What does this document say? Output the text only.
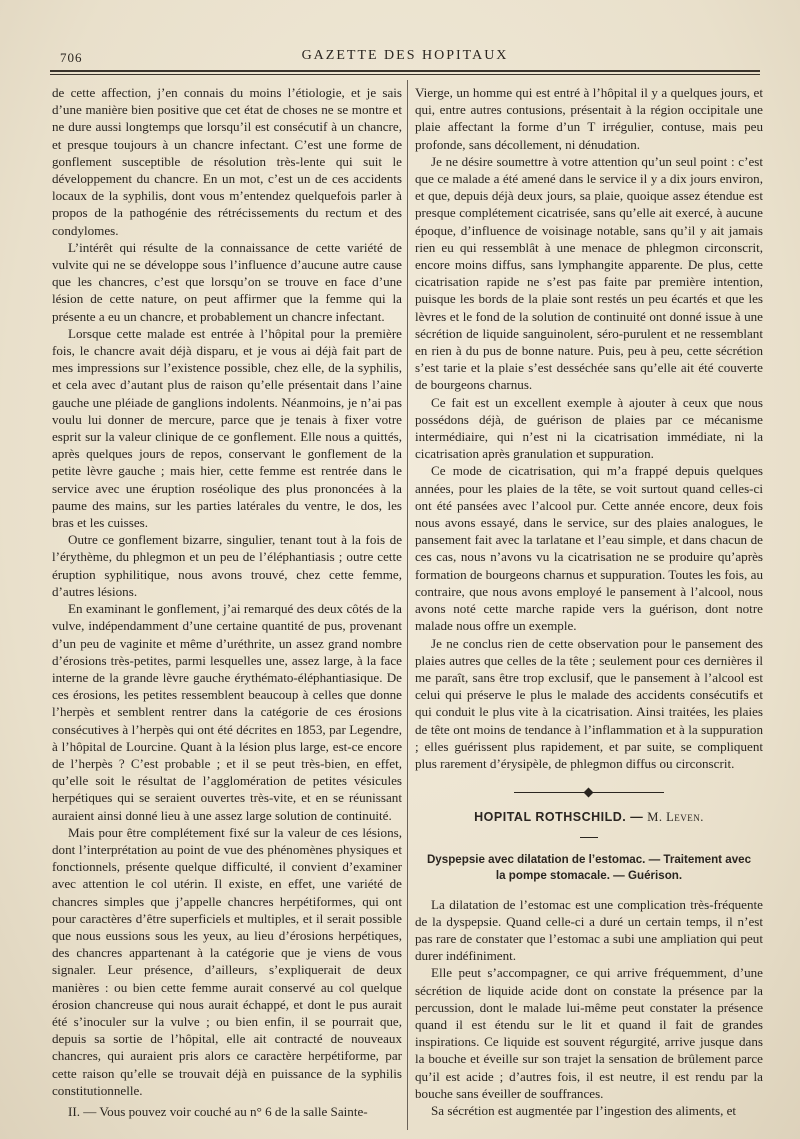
706	GAZETTE DES HOPITAUX

de cette affection, j’en connais du moins l’étiologie, et je sais d’une manière bien positive que cet état de choses ne se montre et ne dure aussi longtemps que lorsqu’il est consécutif à un chancre, et presque toujours à un chancre infectant. C’est une forme de gonflement susceptible de résolution très-lente qui suit le développement du chancre. En un mot, c’est un de ces accidents locaux de la syphilis, dont vous m’entendez quelquefois parler à propos de la pathogénie des rétrécissements du rectum et des condylomes.

L’intérêt qui résulte de la connaissance de cette variété de vulvite qui ne se développe sous l’influence d’aucune autre cause que les chancres, c’est que lorsqu’on se trouve en face d’une lésion de cette nature, on peut affirmer que la femme qui la présente a eu un chancre, et probablement un chancre infectant.

Lorsque cette malade est entrée à l’hôpital pour la première fois, le chancre avait déjà disparu, et je vous ai déjà fait part de mes impressions sur l’existence possible, chez elle, de la syphilis, et cela avec d’autant plus de raison qu’elle présentait dans l’aine gauche une pléiade de ganglions indolents. Néanmoins, je n’ai pas voulu lui donner de mercure, parce que je tenais à fixer votre esprit sur la valeur clinique de ce gonflement. Elle nous a quittés, après quelques jours de repos, conservant le gonflement de la petite lèvre gauche ; mais hier, cette femme est rentrée dans le service avec une éruption roséolique des plus prononcées à la paume des mains, sur les parties latérales du ventre, le dos, les bras et les cuisses.

Outre ce gonflement bizarre, singulier, tenant tout à la fois de l’érythème, du phlegmon et un peu de l’éléphantiasis ; outre cette éruption syphilitique, nous avons trouvé, chez cette femme, d’autres lésions.

En examinant le gonflement, j’ai remarqué des deux côtés de la vulve, indépendamment d’une certaine quantité de pus, provenant d’un peu de vaginite et même d’uréthrite, un assez grand nombre d’érosions très-petites, parmi lesquelles une, assez large, à la face interne de la grande lèvre gauche érythémato-éléphantiasique. De ces érosions, les petites ressemblent beaucoup à celles que donne l’herpès et semblent rentrer dans la catégorie de ces érosions consécutives à l’herpès qui ont été décrites en 1853, par Legendre, à l’hôpital de Lourcine. Quant à la lésion plus large, est-ce encore de l’herpès ? C’est probable ; et il se peut très-bien, en effet, qu’elle soit le résultat de l’agglomération de petites vésicules herpétiques qui se seraient ouvertes très-vite, et en se réunissant auraient ainsi donné lieu à une assez large solution de continuité.

Mais pour être complétement fixé sur la valeur de ces lésions, dont l’interprétation au point de vue des phénomènes physiques et fonctionnels, présente quelque difficulté, il convient d’examiner avec attention le col utérin. Il existe, en effet, une variété de chancres simples que j’appelle chancres herpétiformes, qui ont pour caractères d’être superficiels et multiples, et il serait possible que nous eussions sous les yeux, au lieu d’érosions herpétiques, des chancres appartenant à la catégorie que je viens de vous signaler. Leur présence, d’ailleurs, s’expliquerait de deux manières : ou bien cette femme aurait conservé au col quelque érosion chancreuse qui nous aurait échappé, et dont le pus aurait été s’inoculer sur la vulve ; ou bien enfin, il se pourrait que, depuis sa sortie de l’hôpital, elle ait contracté de nouveaux chancres, qui auraient pris alors ce caractère herpétiforme, par cette raison qu’elle se trouvait déjà en puissance de la syphilis constitutionnelle.

II. — Vous pouvez voir couché au n° 6 de la salle Sainte-

Vierge, un homme qui est entré à l’hôpital il y a quelques jours, et qui, entre autres contusions, présentait à la région occipitale une plaie affectant la forme d’un T irrégulier, contuse, mais peu profonde, sans décollement, ni dénudation.

Je ne désire soumettre à votre attention qu’un seul point : c’est que ce malade a été amené dans le service il y a dix jours environ, et que, depuis déjà deux jours, sa plaie, quoique assez étendue est presque complétement cicatrisée, sans qu’elle ait exercé, à aucune époque, d’influence de voisinage notable, sans qu’il y ait jamais rien eu qui ressemblât à une menace de phlegmon circonscrit, encore moins diffus, sans lymphangite apparente. De plus, cette cicatrisation rapide ne s’est pas faite par première intention, puisque les bords de la plaie sont restés un peu écartés et que les lèvres et le fond de la solution de continuité ont donné issue à une sécrétion de liquide sanguinolent, séro-purulent et ne ressemblant en rien à du pus de bonne nature. Puis, peu à peu, cette sécrétion s’est tarie et la plaie s’est desséchée sans qu’elle ait été couverte de bourgeons charnus.

Ce fait est un excellent exemple à ajouter à ceux que nous possédons déjà, de guérison de plaies par ce mécanisme intermédiaire, qui n’est ni la cicatrisation immédiate, ni la cicatrisation après granulation et suppuration.

Ce mode de cicatrisation, qui m’a frappé depuis quelques années, pour les plaies de la tête, se voit surtout quand celles-ci ont été pansées avec l’alcool pur. Cette année encore, deux fois nous avons essayé, dans le service, sur des plaies analogues, le pansement fait avec la tarlatane et l’eau simple, et dans chacun de ces cas, nous n’avons vu la cicatrisation ne se produire qu’après formation de bourgeons charnus et suppuration. Toutes les fois, au contraire, que nous avons employé le pansement à l’alcool, nous avons noté cette marche rapide vers la guérison, dont notre malade nous offre un exemple.

Je ne conclus rien de cette observation pour le pansement des plaies autres que celles de la tête ; seulement pour ces dernières il me paraît, sans être trop exclusif, que le pansement à l’alcool est celui qui préserve le plus le malade des accidents consécutifs et qui conduit le plus vite à la cicatrisation. Ainsi traitées, les plaies de tête ont moins de tendance à l’inflammation et à la suppuration ; elles guérissent plus rapidement, et par suite, se compliquent plus rarement d’érysipèle, de phlegmon diffus ou circonscrit.

HOPITAL ROTHSCHILD. — M. Leven.
Dyspepsie avec dilatation de l’estomac. — Traitement avec
la pompe stomacale. — Guérison.

La dilatation de l’estomac est une complication très-fréquente de la dyspepsie. Quand celle-ci a duré un certain temps, il n’est pas rare de constater que l’estomac a subi une ampliation qui peut durer indéfiniment.

Elle peut s’accompagner, ce qui arrive fréquemment, d’une sécrétion de liquide acide dont on constate la présence par la percussion, dont le malade lui-même peut constater la présence quand il est étendu sur le lit et quand il fait de grandes inspirations. Ce liquide est souvent régurgité, arrive jusque dans la bouche et éveille sur son trajet la sensation de brûlement parce qu’il est acide ; d’autres fois, il est neutre, il est rendu par la bouche sans éveiller de souffrances.

Sa sécrétion est augmentée par l’ingestion des aliments, et
